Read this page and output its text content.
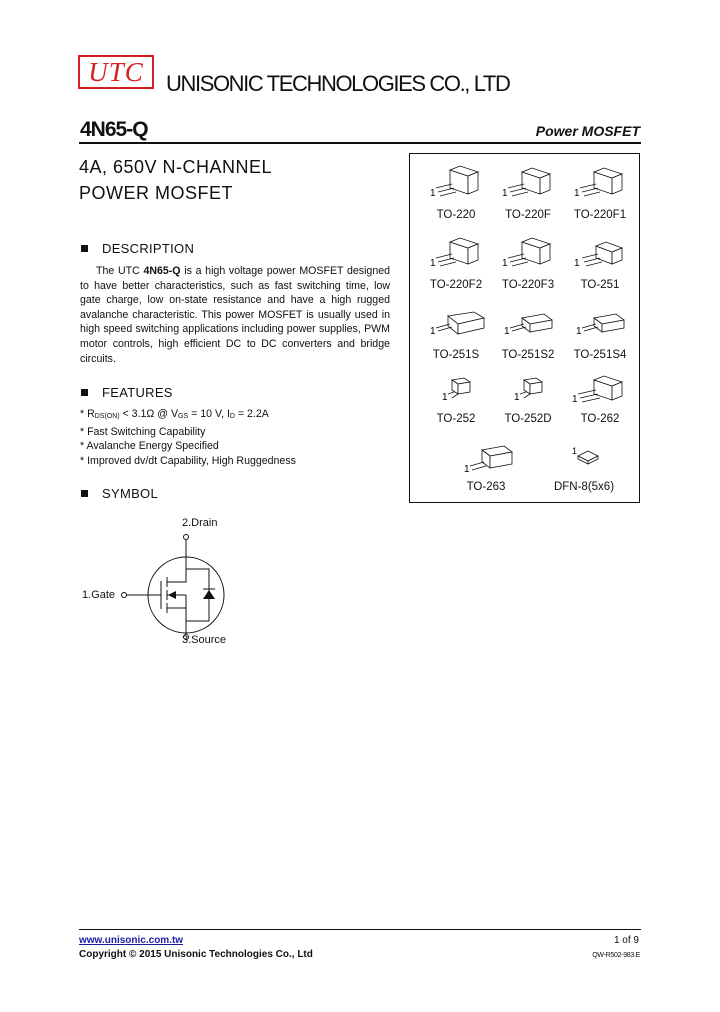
UTC	UNISONIC TECHNOLOGIES CO., LTD
4N65-Q	Power MOSFET
4A, 650V N-CHANNEL
POWER MOSFET
DESCRIPTION

The UTC 4N65-Q is a high voltage power MOSFET designed to have better characteristics, such as fast switching time, low gate charge, low on-state resistance and have a high rugged avalanche characteristic. This power MOSFET is usually used in high speed switching applications including power supplies, PWM motor controls, high efficient DC to DC converters and bridge circuits.

FEATURES
* RDS(ON) < 3.1Ω @ VGS = 10 V, ID = 2.2A
* Fast Switching Capability
* Avalanche Energy Specified
* Improved dv/dt Capability, High Ruggedness
SYMBOL
2.Drain
1.Gate
3.Source
1
TO-220
1
TO-220F
1
TO-220F1
1
TO-220F2
1
TO-220F3
1
TO-251
1
TO-251S
1
TO-251S2
1
TO-251S4
1
TO-252
1
TO-252D
1
TO-262
1
TO-263
1
DFN-8(5x6)
www.unisonic.com.tw	1 of 9
Copyright © 2015 Unisonic Technologies Co., Ltd	QW-R502-983.E
